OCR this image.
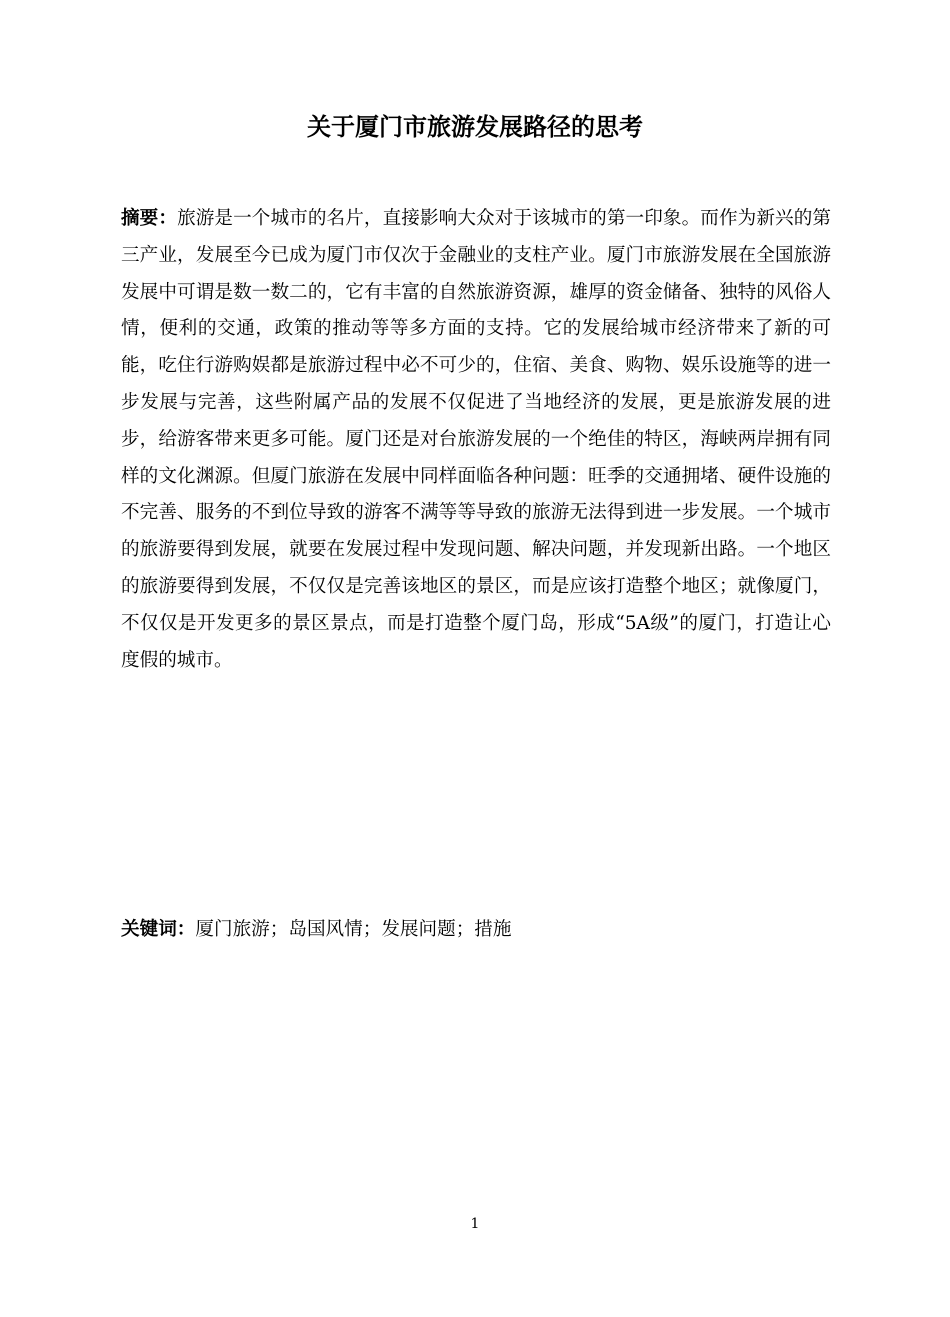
关于厦门市旅游发展路径的思考

摘要：旅游是一个城市的名片，直接影响大众对于该城市的第一印象。而作为新兴的第三产业，发展至今已成为厦门市仅次于金融业的支柱产业。厦门市旅游发展在全国旅游发展中可谓是数一数二的，它有丰富的自然旅游资源，雄厚的资金储备、独特的风俗人情，便利的交通，政策的推动等等多方面的支持。它的发展给城市经济带来了新的可能，吃住行游购娱都是旅游过程中必不可少的，住宿、美食、购物、娱乐设施等的进一步发展与完善，这些附属产品的发展不仅促进了当地经济的发展，更是旅游发展的进步，给游客带来更多可能。厦门还是对台旅游发展的一个绝佳的特区，海峡两岸拥有同样的文化渊源。但厦门旅游在发展中同样面临各种问题：旺季的交通拥堵、硬件设施的不完善、服务的不到位导致的游客不满等等导致的旅游无法得到进一步发展。一个城市的旅游要得到发展，就要在发展过程中发现问题、解决问题，并发现新出路。一个地区的旅游要得到发展，不仅仅是完善该地区的景区，而是应该打造整个地区；就像厦门，不仅仅是开发更多的景区景点，而是打造整个厦门岛，形成“5A级”的厦门，打造让心度假的城市。

关键词：厦门旅游；岛国风情；发展问题；措施

1
